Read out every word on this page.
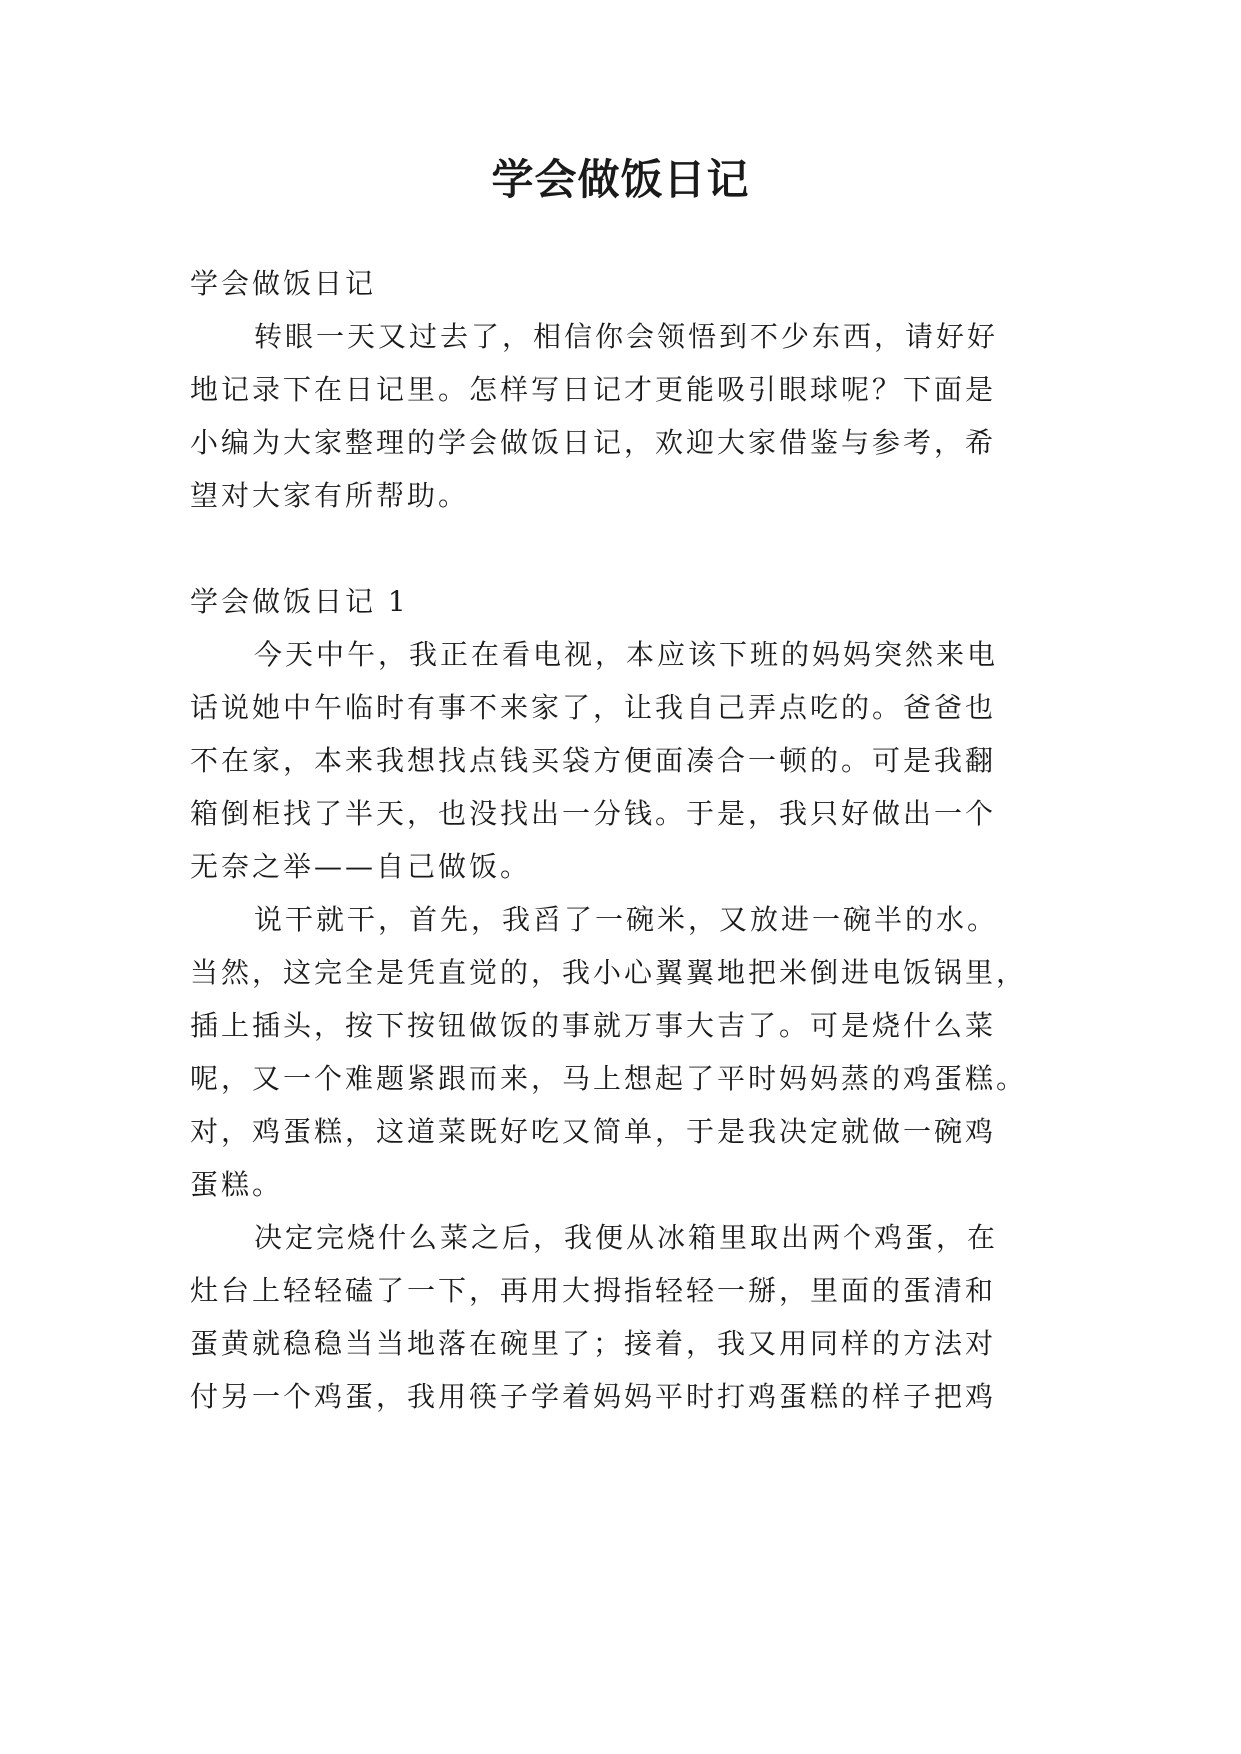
学会做饭日记
学会做饭日记
转眼一天又过去了，相信你会领悟到不少东西，请好好
地记录下在日记里。怎样写日记才更能吸引眼球呢？下面是
小编为大家整理的学会做饭日记，欢迎大家借鉴与参考，希
望对大家有所帮助。
学会做饭日记 1
今天中午，我正在看电视，本应该下班的妈妈突然来电
话说她中午临时有事不来家了，让我自己弄点吃的。爸爸也
不在家，本来我想找点钱买袋方便面凑合一顿的。可是我翻
箱倒柜找了半天，也没找出一分钱。于是，我只好做出一个
无奈之举——自己做饭。
说干就干，首先，我舀了一碗米，又放进一碗半的水。
当然，这完全是凭直觉的，我小心翼翼地把米倒进电饭锅里，
插上插头，按下按钮做饭的事就万事大吉了。可是烧什么菜
呢，又一个难题紧跟而来，马上想起了平时妈妈蒸的鸡蛋糕。
对，鸡蛋糕，这道菜既好吃又简单，于是我决定就做一碗鸡
蛋糕。
决定完烧什么菜之后，我便从冰箱里取出两个鸡蛋，在
灶台上轻轻磕了一下，再用大拇指轻轻一掰，里面的蛋清和
蛋黄就稳稳当当地落在碗里了；接着，我又用同样的方法对
付另一个鸡蛋，我用筷子学着妈妈平时打鸡蛋糕的样子把鸡
